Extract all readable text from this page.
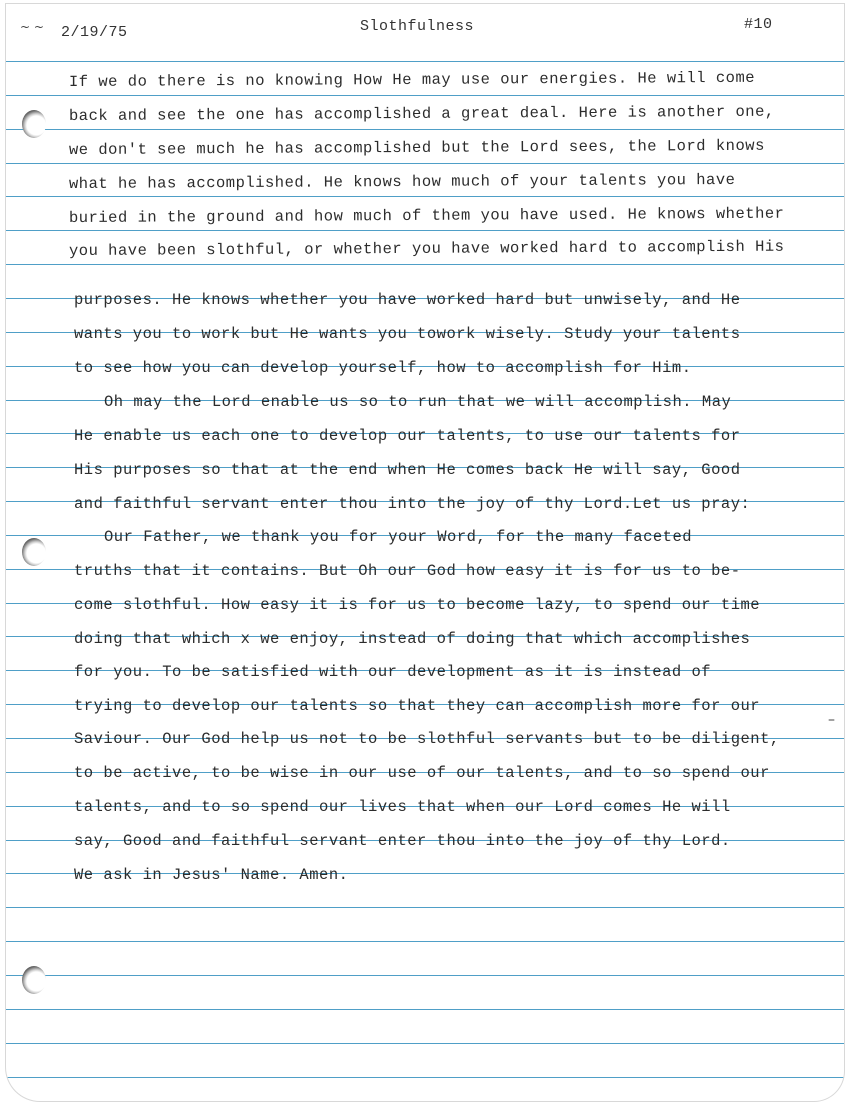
–
~ ~ 2/19/75	Slothfulness	#10

If we do there is no knowing How He may use our energies. He will come

back and see the one has accomplished a great deal. Here is another one,

we don't see much he has accomplished but the Lord sees, the Lord knows

what he has accomplished. He knows how much of your talents you have

buried in the ground and how much of them you have used. He knows whether

you have been slothful, or whether you have worked hard to accomplish His

purposes. He knows whether you have worked hard but unwisely, and He

wants you to work but He wants you towork wisely. Study your talents

to see how you can develop yourself, how to accomplish for Him.

Oh may the Lord enable us so to run that we will accomplish. May

He enable us each one to develop our talents, to use our talents for

His purposes so that at the end when He comes back He will say, Good

and faithful servant enter thou into the joy of thy Lord.Let us pray:

Our Father, we thank you for your Word, for the many faceted

truths that it contains. But Oh our God how easy it is for us to be-

come slothful. How easy it is for us to become lazy, to spend our time

doing that which x we enjoy, instead of doing that which accomplishes

for you. To be satisfied with our development as it is instead of

trying to develop our talents so that they can accomplish more for our

Saviour. Our God help us not to be slothful servants but to be diligent,

to be active, to be wise in our use of our talents, and to so spend our

talents, and to so spend our lives that when our Lord comes He will

say, Good and faithful servant enter thou into the joy of thy Lord.

We ask in Jesus' Name. Amen.
